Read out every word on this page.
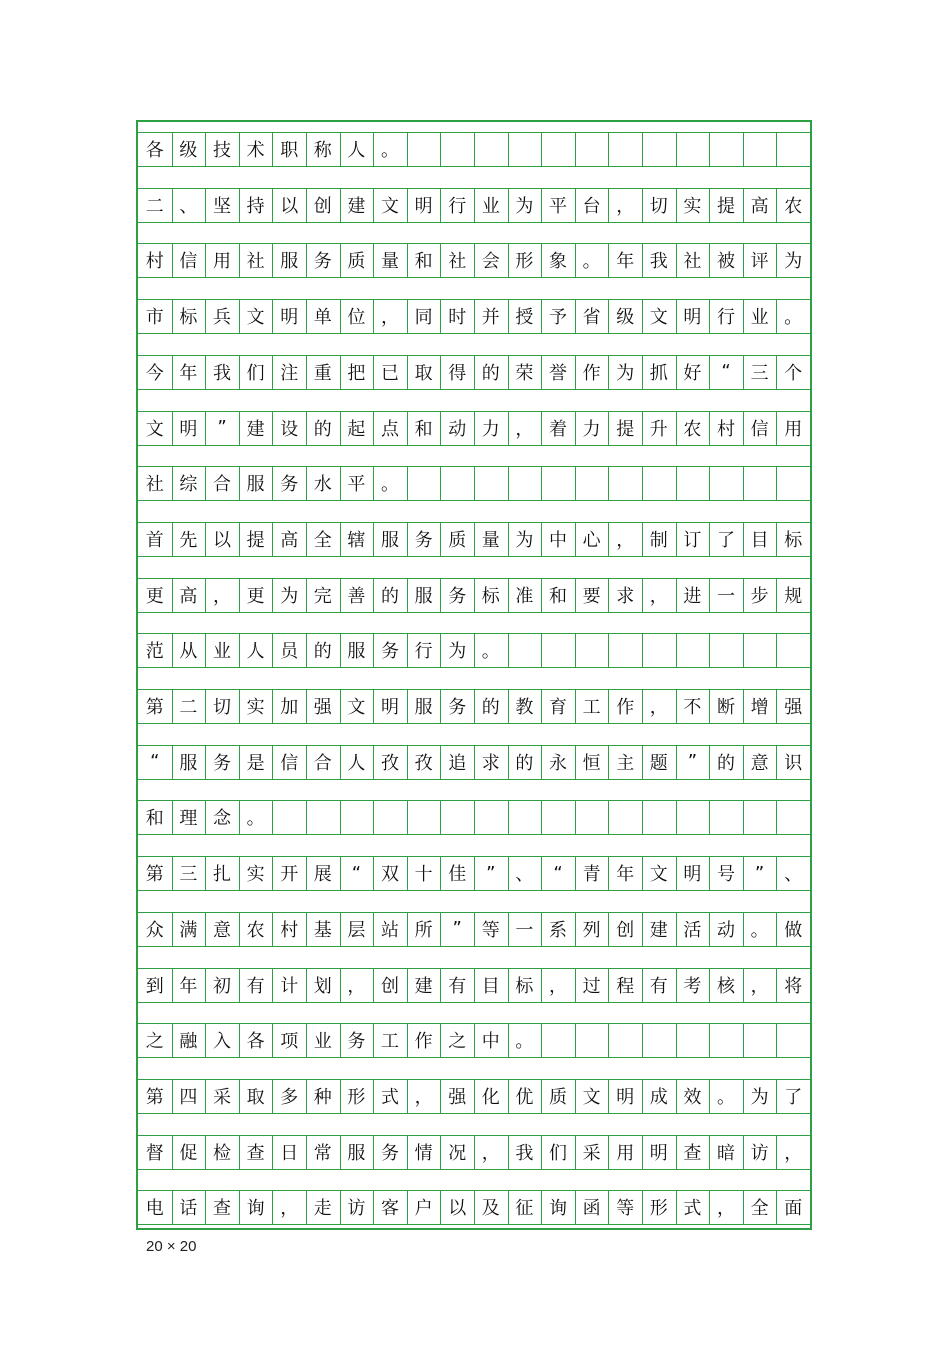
各 级 技 术 职 称 人 。
二 、 坚 持 以 创 建 文 明 行 业 为 平 台 ， 切 实 提 高 农
村 信 用 社 服 务 质 量 和 社 会 形 象 。 年 我 社 被 评 为
市 标 兵 文 明 单 位 ， 同 时 并 授 予 省 级 文 明 行 业 。
今 年 我 们 注 重 把 已 取 得 的 荣 誉 作 为 抓 好	“	三 个
文 明	”	建 设 的 起 点 和 动 力 ， 着 力 提 升 农 村 信 用
社 综 合 服 务 水 平 。
首 先 以 提 高 全 辖 服 务 质 量 为 中 心 ， 制 订 了 目 标
更 高 ， 更 为 完 善 的 服 务 标 准 和 要 求 ， 进 一 步 规
范 从 业 人 员 的 服 务 行 为 。
第 二 切 实 加 强 文 明 服 务 的 教 育 工 作 ， 不 断 增 强
“	服 务 是 信 合 人 孜 孜 追 求 的 永 恒 主 题	”	的 意 识
和 理 念 。
第 三 扎 实 开 展	“	双 十 佳	”	、	“	青 年 文 明 号	”	、
众 满 意 农 村 基 层 站 所	”	等 一 系 列 创 建 活 动 。 做
到 年 初 有 计 划 ， 创 建 有 目 标 ， 过 程 有 考 核 ， 将
之 融 入 各 项 业 务 工 作 之 中 。
第 四 采 取 多 种 形 式 ， 强 化 优 质 文 明 成 效 。 为 了
督 促 检 查 日 常 服 务 情 况 ， 我 们 采 用 明 查 暗 访 ，
电 话 查 询 ， 走 访 客 户 以 及 征 询 函 等 形 式 ， 全 面
20 × 20
